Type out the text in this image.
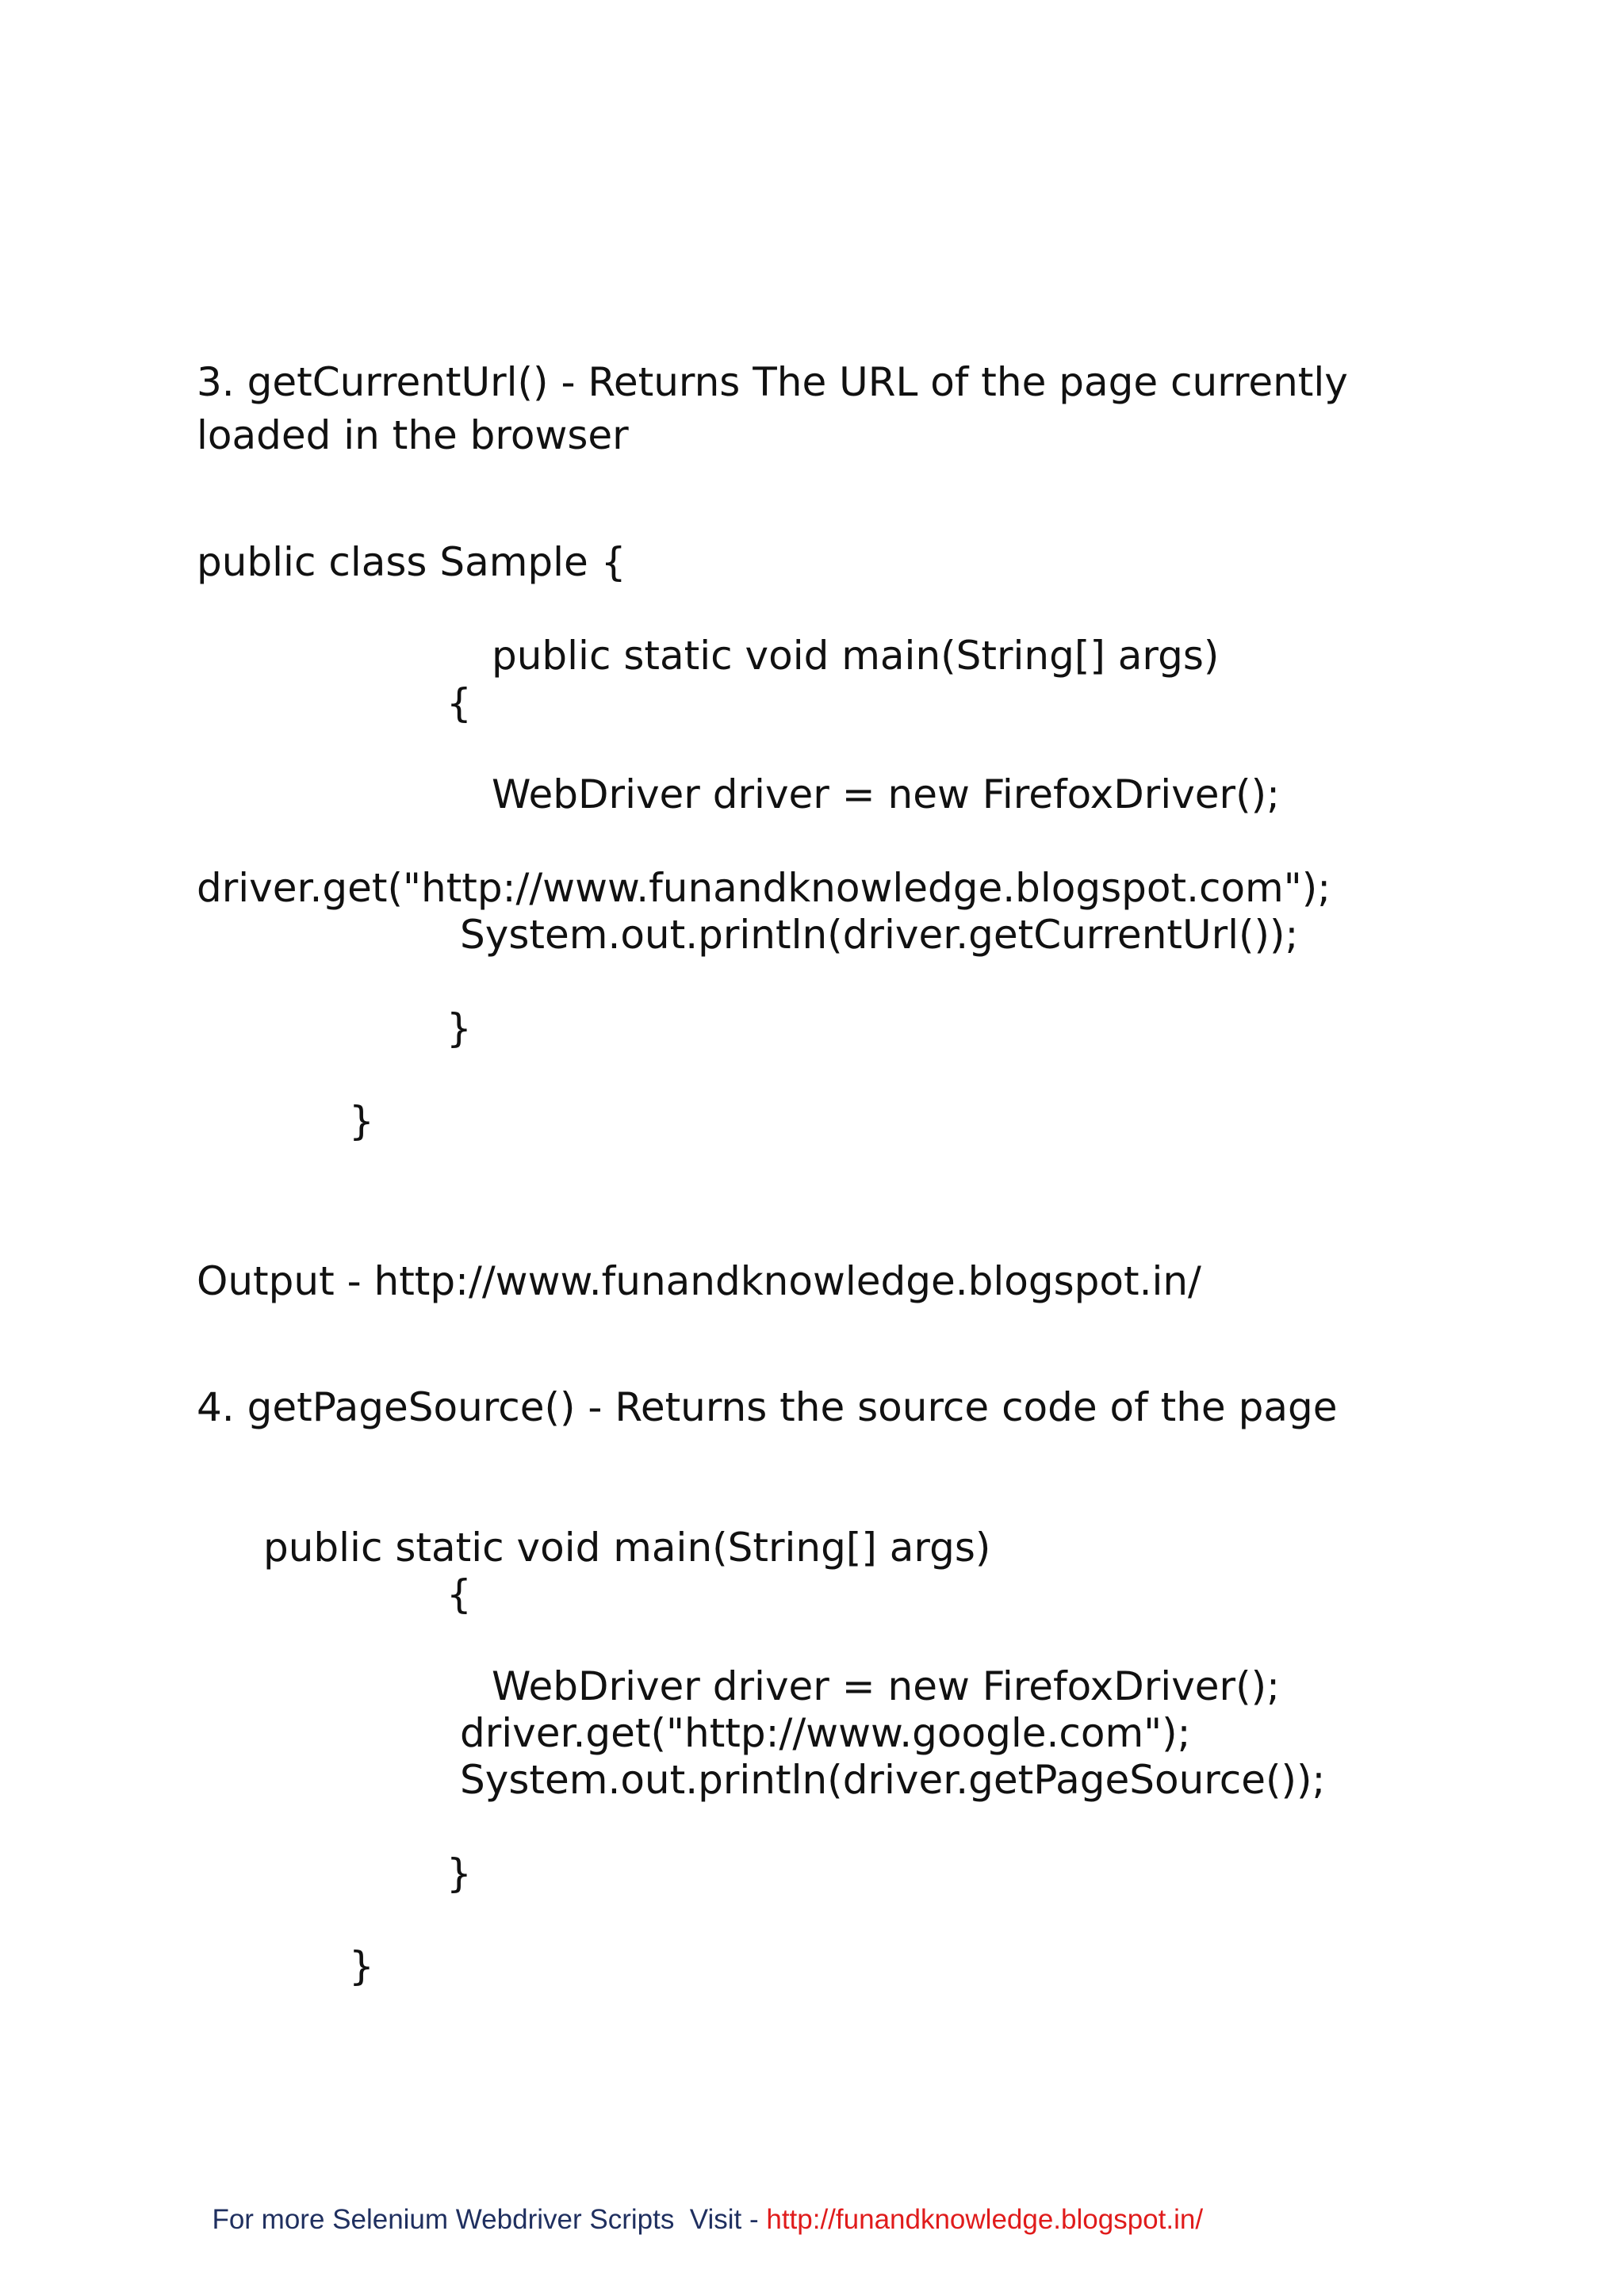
3. getCurrentUrl() - Returns The URL of the page currently

loaded in the browser

public class Sample {

public static void main(String[] args)

{

WebDriver driver = new FirefoxDriver();

driver.get("http://www.funandknowledge.blogspot.com");

System.out.println(driver.getCurrentUrl());

}

}

Output - http://www.funandknowledge.blogspot.in/

4. getPageSource() - Returns the source code of the page

public static void main(String[] args)

{

WebDriver driver = new FirefoxDriver();

driver.get("http://www.google.com");

System.out.println(driver.getPageSource());

}

}

For more Selenium Webdriver Scripts  Visit - http://funandknowledge.blogspot.in/
